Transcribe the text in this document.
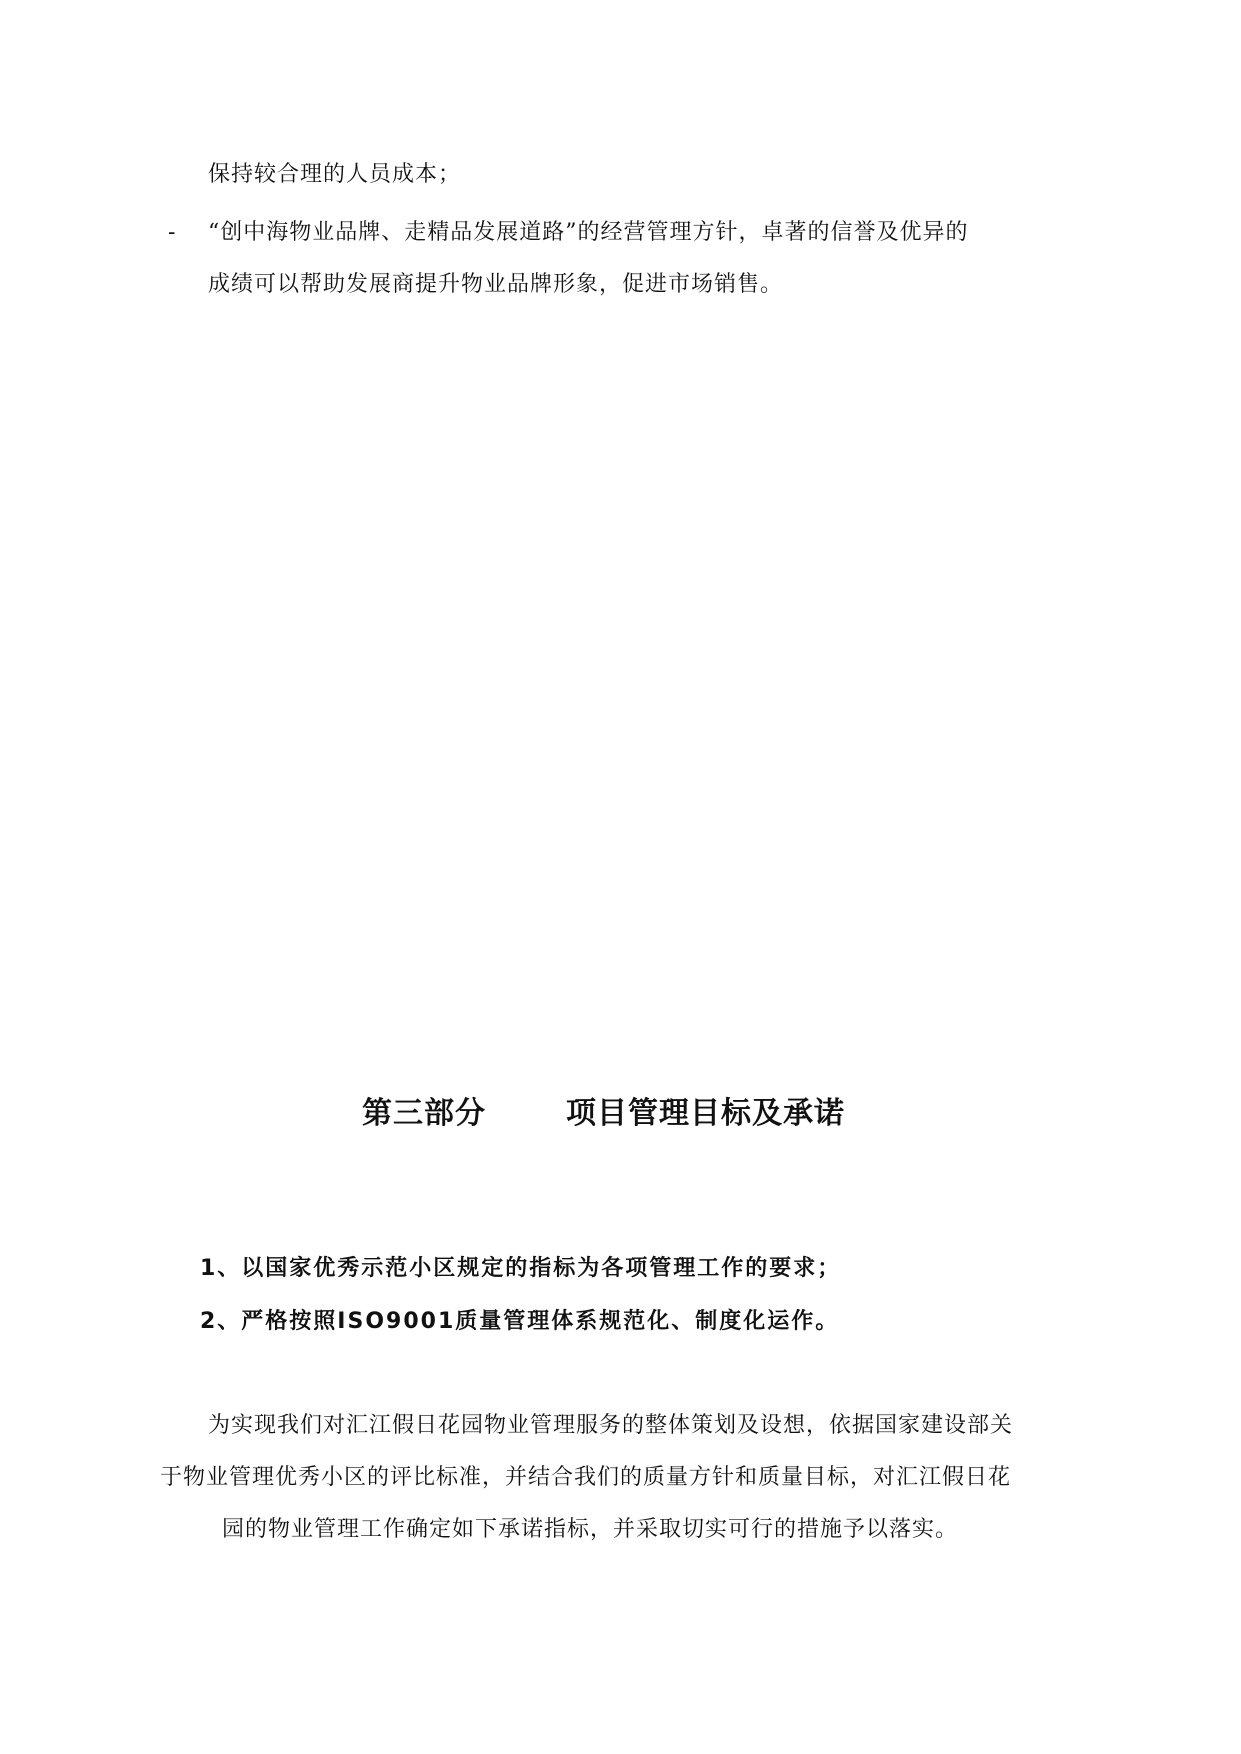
保持较合理的人员成本；
- “创中海物业品牌、走精品发展道路”的经营管理方针，卓著的信誉及优异的
成绩可以帮助发展商提升物业品牌形象，促进市场销售。
第三部分	项目管理目标及承诺
1、以国家优秀示范小区规定的指标为各项管理工作的要求；
2、严格按照ISO9001质量管理体系规范化、制度化运作。
为实现我们对汇江假日花园物业管理服务的整体策划及设想，依据国家建设部关
于物业管理优秀小区的评比标准，并结合我们的质量方针和质量目标，对汇江假日花
园的物业管理工作确定如下承诺指标，并采取切实可行的措施予以落实。
